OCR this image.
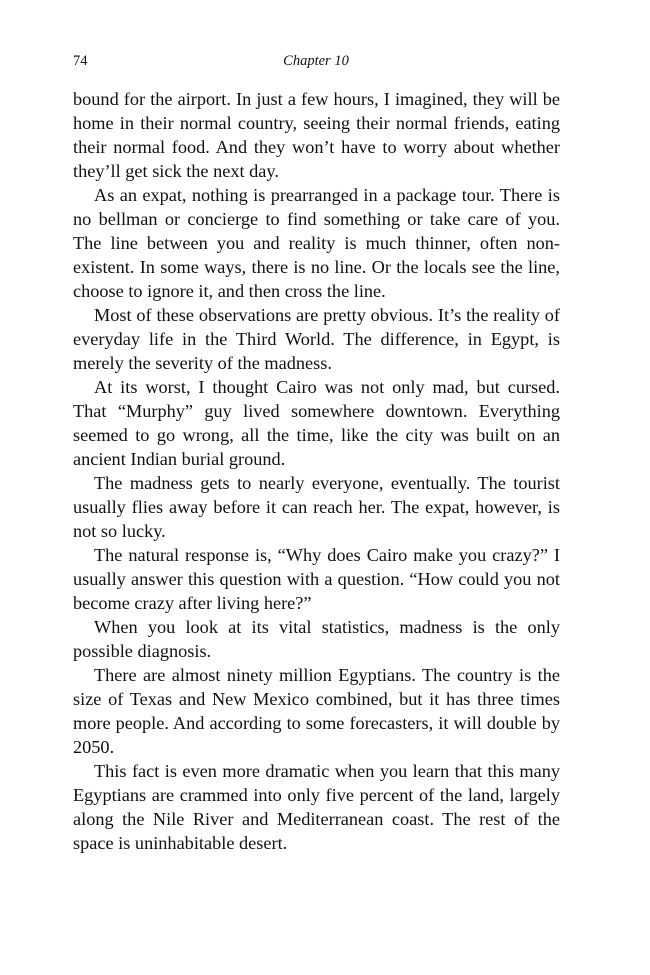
74	Chapter 10

bound for the airport. In just a few hours, I imagined, they will be home in their normal country, seeing their normal friends, eating their normal food. And they won’t have to worry about whether they’ll get sick the next day.

As an expat, nothing is prearranged in a package tour. There is no bellman or concierge to find something or take care of you. The line between you and reality is much thinner, often non-existent. In some ways, there is no line. Or the locals see the line, choose to ignore it, and then cross the line.

Most of these observations are pretty obvious. It’s the reality of everyday life in the Third World. The difference, in Egypt, is merely the severity of the madness.

At its worst, I thought Cairo was not only mad, but cursed. That “Murphy” guy lived somewhere downtown. Everything seemed to go wrong, all the time, like the city was built on an ancient Indian burial ground.

The madness gets to nearly everyone, eventually. The tourist usually flies away before it can reach her. The expat, however, is not so lucky.

The natural response is, “Why does Cairo make you crazy?” I usually answer this question with a question. “How could you not become crazy after living here?”

When you look at its vital statistics, madness is the only possible diagnosis.

There are almost ninety million Egyptians. The country is the size of Texas and New Mexico combined, but it has three times more people. And according to some forecasters, it will double by 2050.

This fact is even more dramatic when you learn that this many Egyptians are crammed into only five percent of the land, largely along the Nile River and Mediterranean coast. The rest of the space is uninhabitable desert.
